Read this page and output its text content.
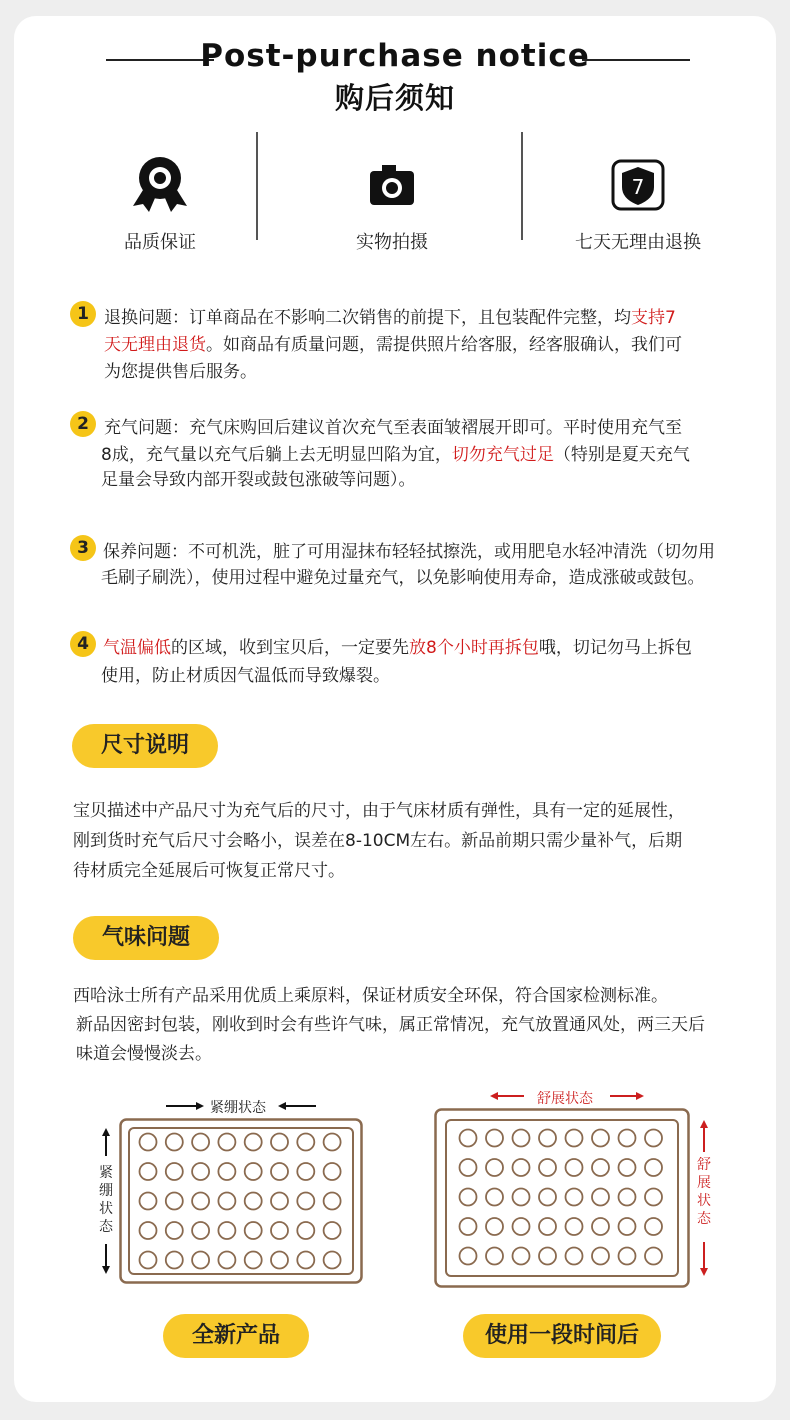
Post-purchase notice
购后须知
品质保证	实物拍摄
7
七天无理由退换
1 退换问题：订单商品在不影响二次销售的前提下，且包装配件完整，均支持7
天无理由退货。如商品有质量问题，需提供照片给客服，经客服确认，我们可
为您提供售后服务。
2 充气问题：充气床购回后建议首次充气至表面皱褶展开即可。平时使用充气至
8成，充气量以充气后躺上去无明显凹陷为宜，切勿充气过足（特别是夏天充气
足量会导致内部开裂或鼓包涨破等问题）。
3 保养问题：不可机洗，脏了可用湿抹布轻轻拭擦洗，或用肥皂水轻冲清洗（切勿用
毛刷子刷洗），使用过程中避免过量充气，以免影响使用寿命，造成涨破或鼓包。
4 气温偏低的区域，收到宝贝后，一定要先放8个小时再拆包哦，切记勿马上拆包
使用，防止材质因气温低而导致爆裂。
尺寸说明
宝贝描述中产品尺寸为充气后的尺寸，由于气床材质有弹性，具有一定的延展性，
刚到货时充气后尺寸会略小，误差在8-10CM左右。新品前期只需少量补气，后期
待材质完全延展后可恢复正常尺寸。
气味问题
西哈泳士所有产品采用优质上乘原料，保证材质安全环保，符合国家检测标准。
新品因密封包装，刚收到时会有些许气味，属正常情况，充气放置通风处，两三天后
味道会慢慢淡去。
紧绷状态
紧绷状态
全新产品
舒展状态
舒展状态
使用一段时间后
